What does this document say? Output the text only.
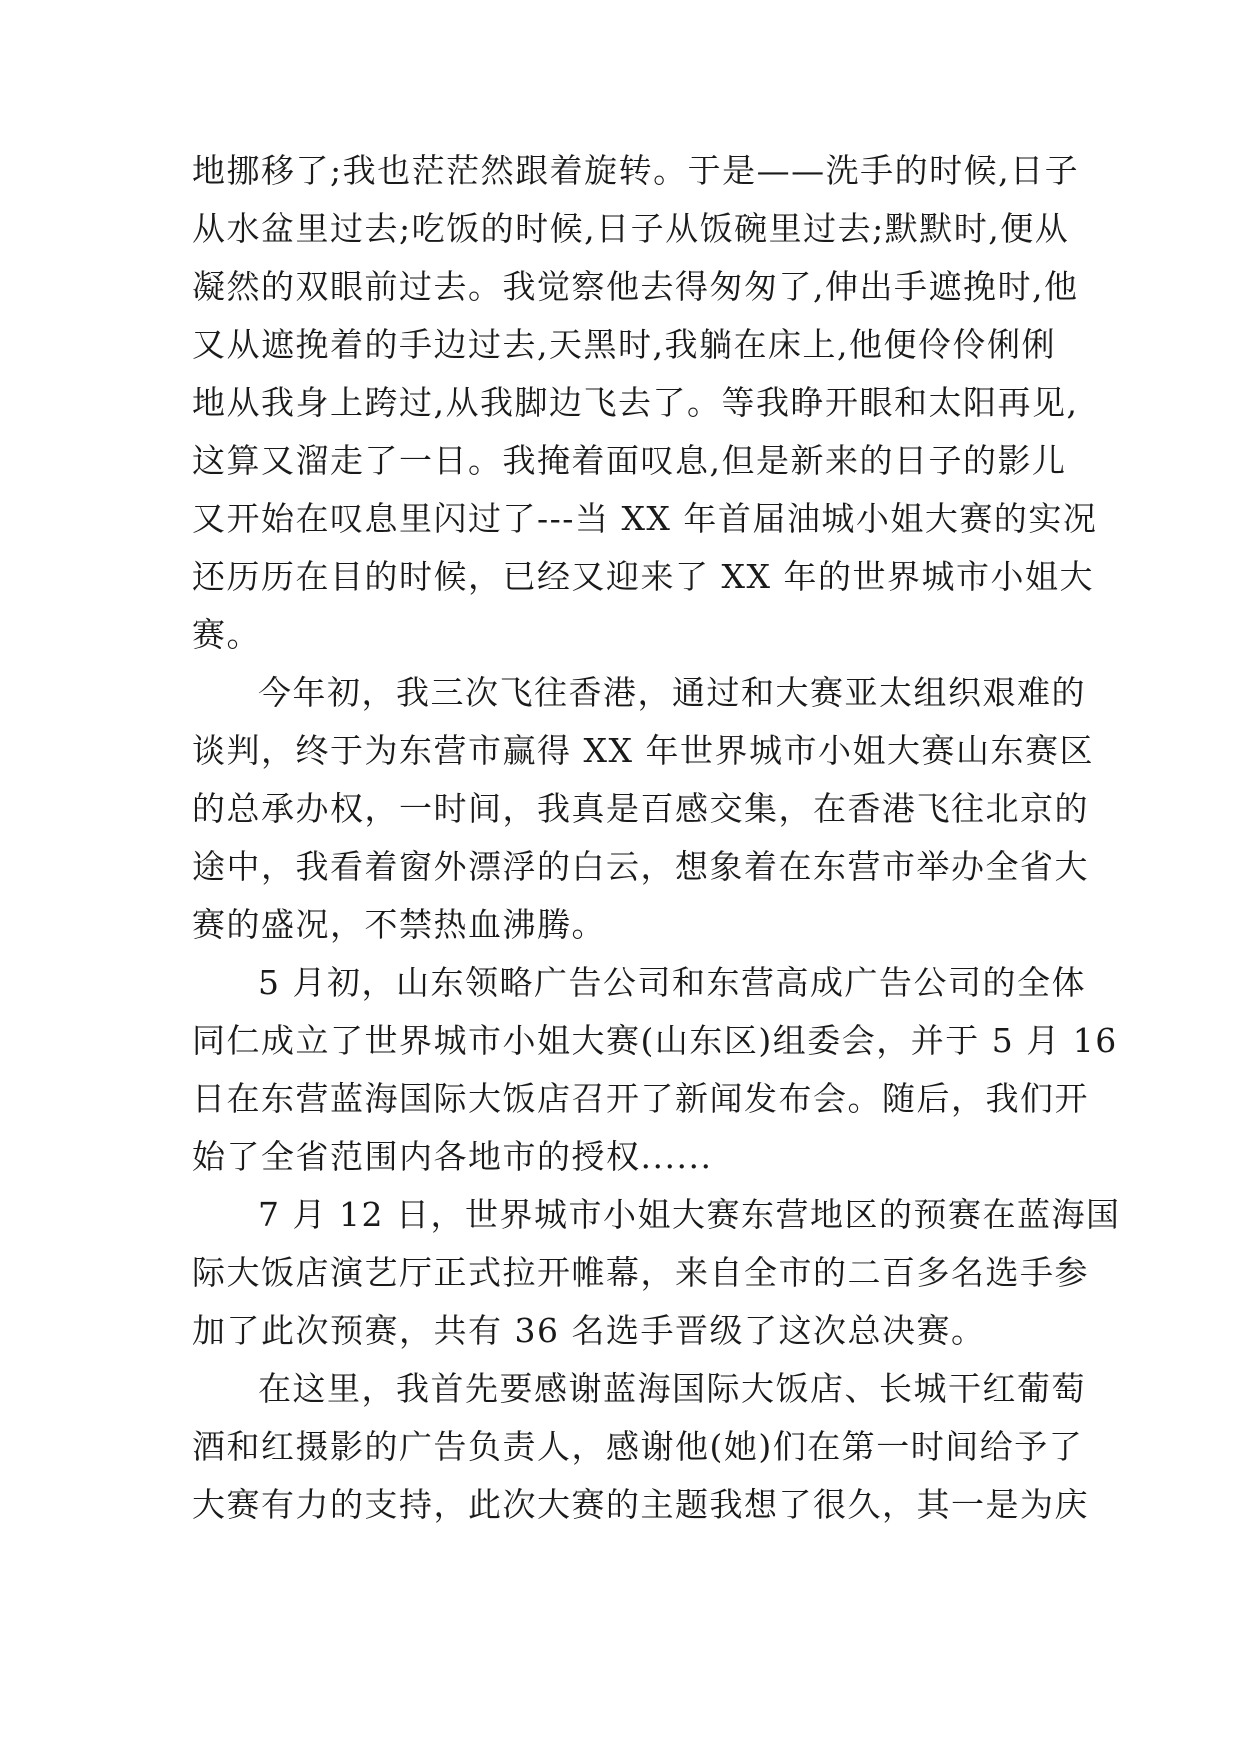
地挪移了;我也茫茫然跟着旋转。于是——洗手的时候,日子
从水盆里过去;吃饭的时候,日子从饭碗里过去;默默时,便从
凝然的双眼前过去。我觉察他去得匆匆了,伸出手遮挽时,他
又从遮挽着的手边过去,天黑时,我躺在床上,他便伶伶俐俐
地从我身上跨过,从我脚边飞去了。等我睁开眼和太阳再见,
这算又溜走了一日。我掩着面叹息,但是新来的日子的影儿
又开始在叹息里闪过了---当 XX 年首届油城小姐大赛的实况
还历历在目的时候，已经又迎来了 XX 年的世界城市小姐大
赛。
今年初，我三次飞往香港，通过和大赛亚太组织艰难的
谈判，终于为东营市赢得 XX 年世界城市小姐大赛山东赛区
的总承办权，一时间，我真是百感交集，在香港飞往北京的
途中，我看着窗外漂浮的白云，想象着在东营市举办全省大
赛的盛况，不禁热血沸腾。
5 月初，山东领略广告公司和东营高成广告公司的全体
同仁成立了世界城市小姐大赛(山东区)组委会，并于 5 月 16
日在东营蓝海国际大饭店召开了新闻发布会。随后，我们开
始了全省范围内各地市的授权......
7 月 12 日，世界城市小姐大赛东营地区的预赛在蓝海国
际大饭店演艺厅正式拉开帷幕，来自全市的二百多名选手参
加了此次预赛，共有 36 名选手晋级了这次总决赛。
在这里，我首先要感谢蓝海国际大饭店、长城干红葡萄
酒和红摄影的广告负责人，感谢他(她)们在第一时间给予了
大赛有力的支持，此次大赛的主题我想了很久，其一是为庆
